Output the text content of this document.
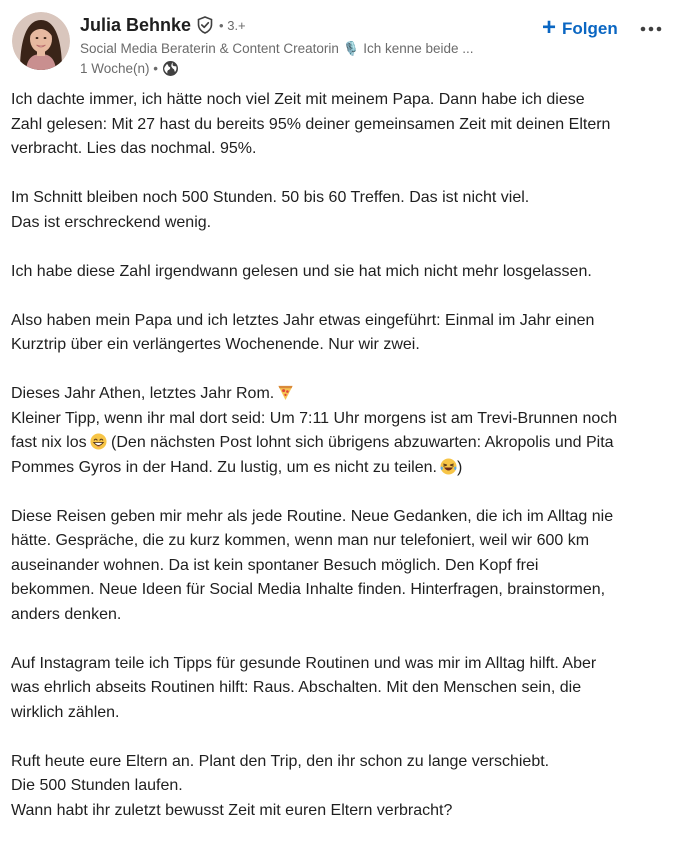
Julia Behnke • 3.+
Social Media Beraterin & Content Creatorin 🎙️ Ich kenne beide ...
1 Woche(n) •
+ Folgen

Ich dachte immer, ich hätte noch viel Zeit mit meinem Papa. Dann habe ich diese
Zahl gelesen: Mit 27 hast du bereits 95% deiner gemeinsamen Zeit mit deinen Eltern
verbracht. Lies das nochmal. 95%.

Im Schnitt bleiben noch 500 Stunden. 50 bis 60 Treffen. Das ist nicht viel.
Das ist erschreckend wenig.

Ich habe diese Zahl irgendwann gelesen und sie hat mich nicht mehr losgelassen.

Also haben mein Papa und ich letztes Jahr etwas eingeführt: Einmal im Jahr einen
Kurztrip über ein verlängertes Wochenende. Nur wir zwei.

Dieses Jahr Athen, letztes Jahr Rom.
Kleiner Tipp, wenn ihr mal dort seid: Um 7:11 Uhr morgens ist am Trevi-Brunnen noch
fast nix los (Den nächsten Post lohnt sich übrigens abzuwarten: Akropolis und Pita
Pommes Gyros in der Hand. Zu lustig, um es nicht zu teilen. )

Diese Reisen geben mir mehr als jede Routine. Neue Gedanken, die ich im Alltag nie
hätte. Gespräche, die zu kurz kommen, wenn man nur telefoniert, weil wir 600 km
auseinander wohnen. Da ist kein spontaner Besuch möglich. Den Kopf frei
bekommen. Neue Ideen für Social Media Inhalte finden. Hinterfragen, brainstormen,
anders denken.

Auf Instagram teile ich Tipps für gesunde Routinen und was mir im Alltag hilft. Aber
was ehrlich abseits Routinen hilft: Raus. Abschalten. Mit den Menschen sein, die
wirklich zählen.

Ruft heute eure Eltern an. Plant den Trip, den ihr schon zu lange verschiebt.
Die 500 Stunden laufen.
Wann habt ihr zuletzt bewusst Zeit mit euren Eltern verbracht?
